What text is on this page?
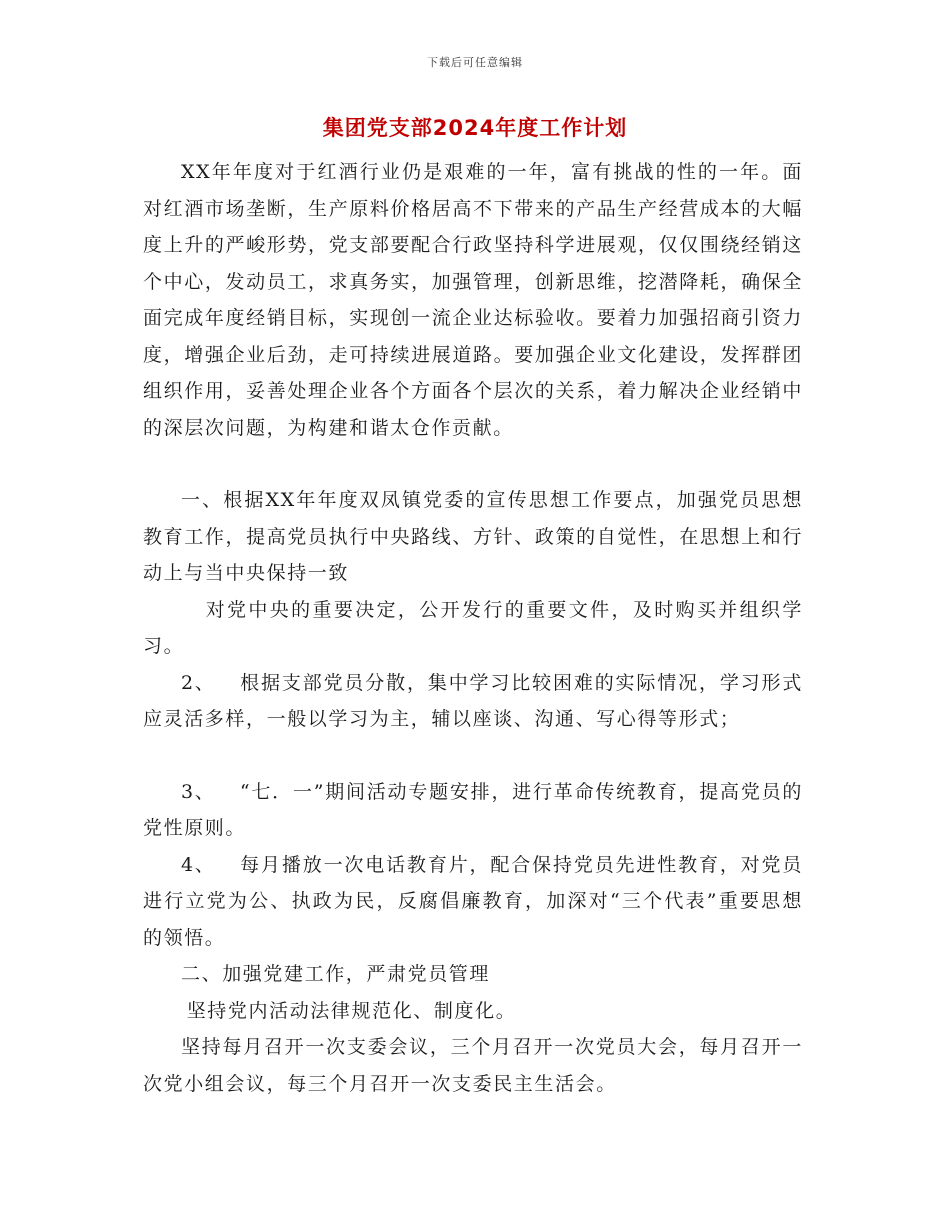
下载后可任意编辑
集团党支部2024年度工作计划

XX年年度对于红酒行业仍是艰难的一年，富有挑战的性的一年。面对红酒市场垄断，生产原料价格居高不下带来的产品生产经营成本的大幅度上升的严峻形势，党支部要配合行政坚持科学进展观，仅仅围绕经销这个中心，发动员工，求真务实，加强管理，创新思维，挖潜降耗，确保全面完成年度经销目标，实现创一流企业达标验收。要着力加强招商引资力度，增强企业后劲，走可持续进展道路。要加强企业文化建设，发挥群团组织作用，妥善处理企业各个方面各个层次的关系，着力解决企业经销中的深层次问题，为构建和谐太仓作贡献。

一、根据XX年年度双凤镇党委的宣传思想工作要点，加强党员思想教育工作，提高党员执行中央路线、方针、政策的自觉性，在思想上和行动上与当中央保持一致

对党中央的重要决定，公开发行的重要文件，及时购买并组织学习。

2、 根据支部党员分散，集中学习比较困难的实际情况，学习形式应灵活多样，一般以学习为主，辅以座谈、沟通、写心得等形式；

3、 “七．一”期间活动专题安排，进行革命传统教育，提高党员的党性原则。

4、 每月播放一次电话教育片，配合保持党员先进性教育，对党员进行立党为公、执政为民，反腐倡廉教育，加深对“三个代表”重要思想的领悟。

二、加强党建工作，严肃党员管理

坚持党内活动法律规范化、制度化。

坚持每月召开一次支委会议，三个月召开一次党员大会，每月召开一次党小组会议，每三个月召开一次支委民主生活会。
